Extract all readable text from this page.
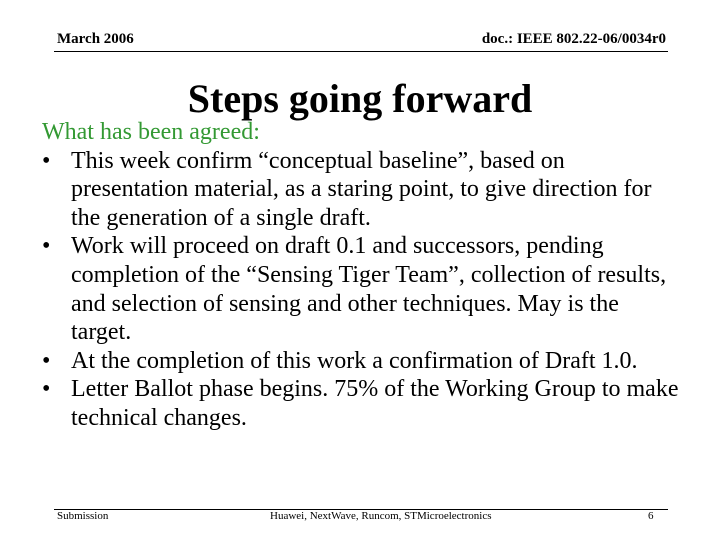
March 2006	doc.: IEEE 802.22-06/0034r0
Steps going forward
What has been agreed:
• This week confirm “conceptual baseline”, based on presentation material, as a staring point, to give direction for the generation of a single draft.
• Work will proceed on draft 0.1 and successors, pending completion of the “Sensing Tiger Team”, collection of results, and selection of sensing and other techniques. May is the target.
• At the completion of this work a confirmation of Draft 1.0.
• Letter Ballot phase begins. 75% of the Working Group to make technical changes.
Submission	Huawei, NextWave, Runcom, STMicroelectronics	6
